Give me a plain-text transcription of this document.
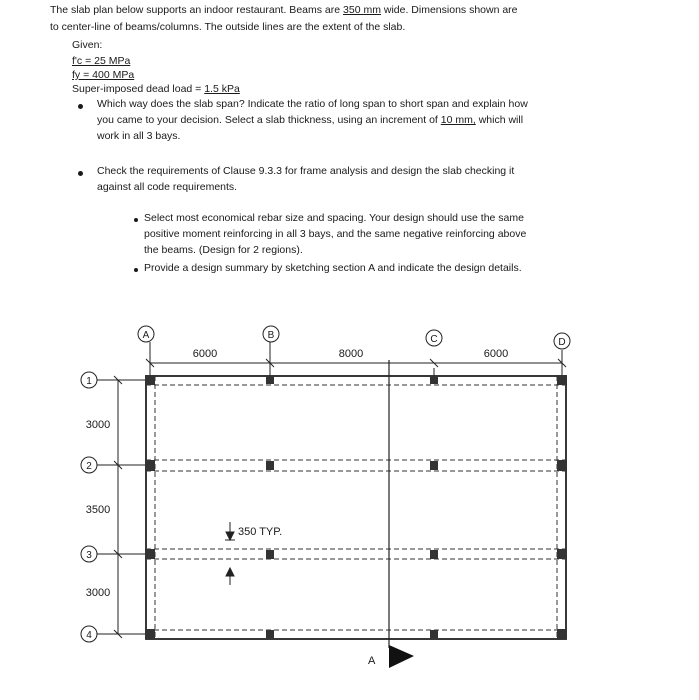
The slab plan below supports an indoor restaurant. Beams are 350 mm wide. Dimensions shown are
to center-line of beams/columns. The outside lines are the extent of the slab.
Given:
f'c = 25 MPa
fy = 400 MPa
Super-imposed dead load = 1.5 kPa
Which way does the slab span? Indicate the ratio of long span to short span and explain how
you came to your decision. Select a slab thickness, using an increment of 10 mm, which will
work in all 3 bays.
Check the requirements of Clause 9.3.3 for frame analysis and design the slab checking it
against all code requirements.
Select most economical rebar size and spacing. Your design should use the same
positive moment reinforcing in all 3 bays, and the same negative reinforcing above
the beams. (Design for 2 regions).
Provide a design summary by sketching section A and indicate the design details.
A	B	C	D
1
2
3
4
6000	8000	6000
3000
3500
3000
350 TYP.
A
